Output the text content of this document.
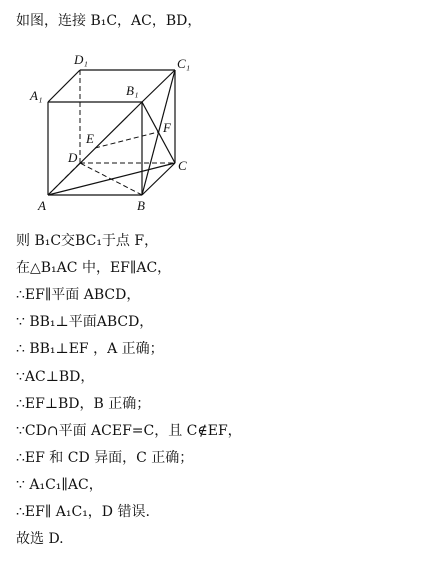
如图，连接 B₁C，AC，BD，
D₁	C₁
A₁	B₁
F
E
D
C
A	B
则 B₁C交BC₁于点 F，
在△B₁AC 中，EF∥AC，
∴EF∥平面 ABCD，
∵ BB₁⊥平面ABCD，
∴ BB₁⊥EF ，A 正确；
∵AC⊥BD，
∴EF⊥BD，B 正确；
∵CD∩平面 ACEF=C，且 C∉EF，
∴EF 和 CD 异面，C 正确；
∵ A₁C₁∥AC，
∴EF∥ A₁C₁，D 错误.
故选 D.
